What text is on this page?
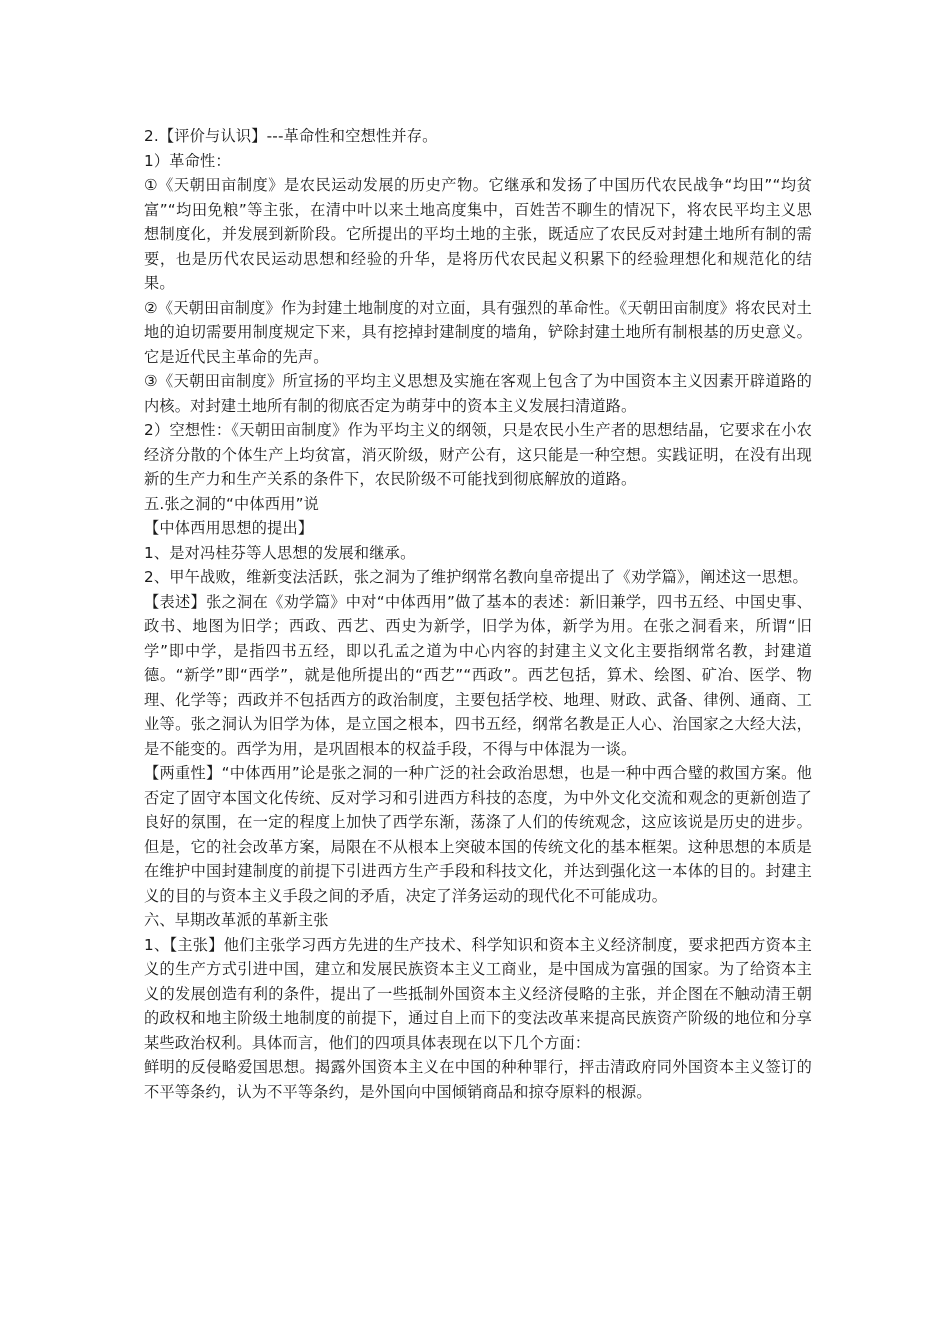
2.【评价与认识】---革命性和空想性并存。

1）革命性：

①《天朝田亩制度》是农民运动发展的历史产物。它继承和发扬了中国历代农民战争“均田”“均贫富”“均田免粮”等主张，在清中叶以来土地高度集中，百姓苦不聊生的情况下，将农民平均主义思想制度化，并发展到新阶段。它所提出的平均土地的主张，既适应了农民反对封建土地所有制的需要，也是历代农民运动思想和经验的升华，是将历代农民起义积累下的经验理想化和规范化的结果。

②《天朝田亩制度》作为封建土地制度的对立面，具有强烈的革命性。《天朝田亩制度》将农民对土地的迫切需要用制度规定下来，具有挖掉封建制度的墙角，铲除封建土地所有制根基的历史意义。它是近代民主革命的先声。

③《天朝田亩制度》所宣扬的平均主义思想及实施在客观上包含了为中国资本主义因素开辟道路的内核。对封建土地所有制的彻底否定为萌芽中的资本主义发展扫清道路。

2）空想性：《天朝田亩制度》作为平均主义的纲领，只是农民小生产者的思想结晶，它要求在小农经济分散的个体生产上均贫富，消灭阶级，财产公有，这只能是一种空想。实践证明，在没有出现新的生产力和生产关系的条件下，农民阶级不可能找到彻底解放的道路。

五.张之洞的“中体西用”说

【中体西用思想的提出】

1、是对冯桂芬等人思想的发展和继承。

2、甲午战败，维新变法活跃，张之洞为了维护纲常名教向皇帝提出了《劝学篇》，阐述这一思想。

【表述】张之洞在《劝学篇》中对“中体西用”做了基本的表述：新旧兼学，四书五经、中国史事、政书、地图为旧学；西政、西艺、西史为新学，旧学为体，新学为用。在张之洞看来，所谓“旧学”即中学，是指四书五经，即以孔孟之道为中心内容的封建主义文化主要指纲常名教，封建道德。“新学”即“西学”，就是他所提出的“西艺”“西政”。西艺包括，算术、绘图、矿冶、医学、物理、化学等；西政并不包括西方的政治制度，主要包括学校、地理、财政、武备、律例、通商、工业等。张之洞认为旧学为体，是立国之根本，四书五经，纲常名教是正人心、治国家之大经大法，是不能变的。西学为用，是巩固根本的权益手段，不得与中体混为一谈。

【两重性】“中体西用”论是张之洞的一种广泛的社会政治思想，也是一种中西合璧的救国方案。他否定了固守本国文化传统、反对学习和引进西方科技的态度，为中外文化交流和观念的更新创造了良好的氛围，在一定的程度上加快了西学东渐，荡涤了人们的传统观念，这应该说是历史的进步。但是，它的社会改革方案，局限在不从根本上突破本国的传统文化的基本框架。这种思想的本质是在维护中国封建制度的前提下引进西方生产手段和科技文化，并达到强化这一本体的目的。封建主义的目的与资本主义手段之间的矛盾，决定了洋务运动的现代化不可能成功。

六、早期改革派的革新主张

1、【主张】他们主张学习西方先进的生产技术、科学知识和资本主义经济制度，要求把西方资本主义的生产方式引进中国，建立和发展民族资本主义工商业，是中国成为富强的国家。为了给资本主义的发展创造有利的条件，提出了一些抵制外国资本主义经济侵略的主张，并企图在不触动清王朝的政权和地主阶级土地制度的前提下，通过自上而下的变法改革来提高民族资产阶级的地位和分享某些政治权利。具体而言，他们的四项具体表现在以下几个方面：

鲜明的反侵略爱国思想。揭露外国资本主义在中国的种种罪行，抨击清政府同外国资本主义签订的不平等条约，认为不平等条约，是外国向中国倾销商品和掠夺原料的根源。
